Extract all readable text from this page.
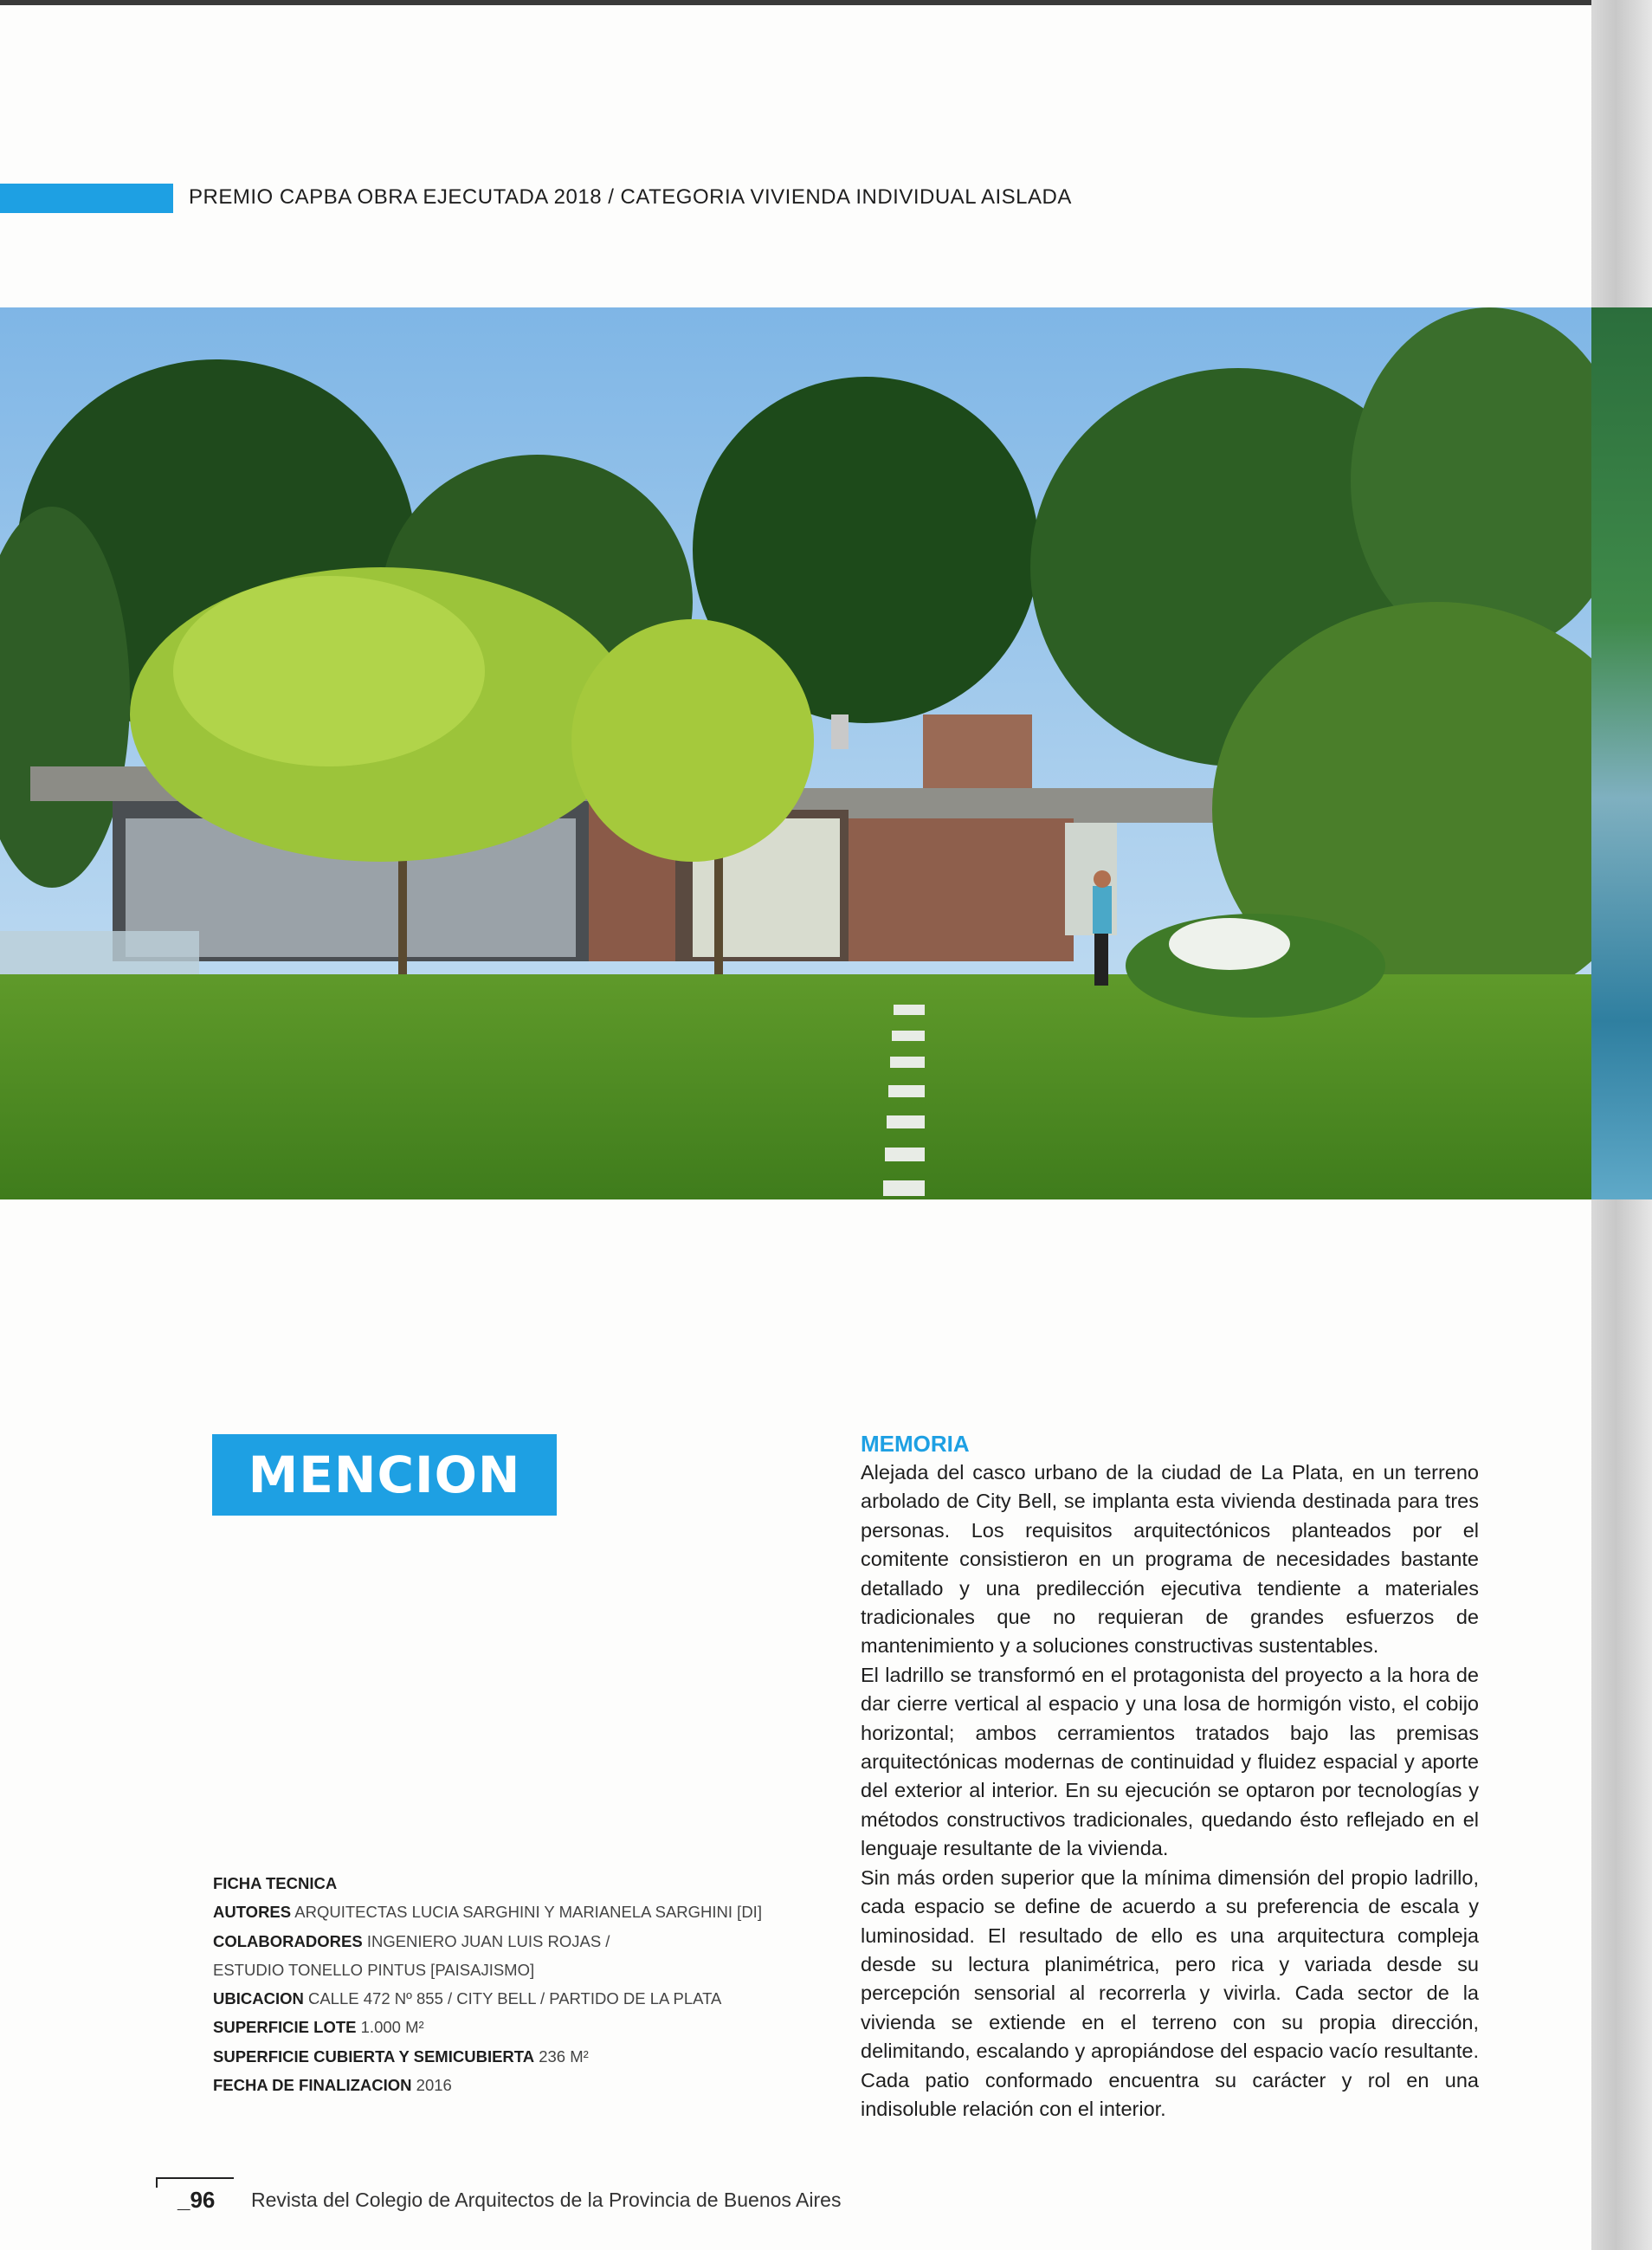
PREMIO CAPBA OBRA EJECUTADA 2018 / CATEGORIA VIVIENDA INDIVIDUAL AISLADA
MENCION
FICHA TECNICA
AUTORES ARQUITECTAS LUCIA SARGHINI Y MARIANELA SARGHINI [DI]
COLABORADORES INGENIERO JUAN LUIS ROJAS /
ESTUDIO TONELLO PINTUS [PAISAJISMO]
UBICACION CALLE 472 Nº 855 / CITY BELL / PARTIDO DE LA PLATA
SUPERFICIE LOTE 1.000 M²
SUPERFICIE CUBIERTA Y SEMICUBIERTA 236 M²
FECHA DE FINALIZACION 2016
MEMORIA

Alejada del casco urbano de la ciudad de La Plata, en un terreno arbolado de City Bell, se implanta esta vivienda destinada para tres personas. Los requisitos arquitectónicos planteados por el comitente consistieron en un programa de necesidades bastante detallado y una predilección ejecutiva tendiente a materiales tradicionales que no requieran de grandes esfuerzos de mantenimiento y a soluciones constructivas sustentables.

El ladrillo se transformó en el protagonista del proyecto a la hora de dar cierre vertical al espacio y una losa de hormigón visto, el cobijo horizontal; ambos cerramientos tratados bajo las premisas arquitectónicas modernas de continuidad y fluidez espacial y aporte del exterior al interior. En su ejecución se optaron por tecnologías y métodos constructivos tradicionales, quedando ésto reflejado en el lenguaje resultante de la vivienda.

Sin más orden superior que la mínima dimensión del propio ladrillo, cada espacio se define de acuerdo a su preferencia de escala y luminosidad. El resultado de ello es una arquitectura compleja desde su lectura planimétrica, pero rica y variada desde su percepción sensorial al recorrerla y vivirla. Cada sector de la vivienda se extiende en el terreno con su propia dirección, delimitando, escalando y apropiándose del espacio vacío resultante. Cada patio conformado encuentra su carácter y rol en una indisoluble relación con el interior.

_96 Revista del Colegio de Arquitectos de la Provincia de Buenos Aires
